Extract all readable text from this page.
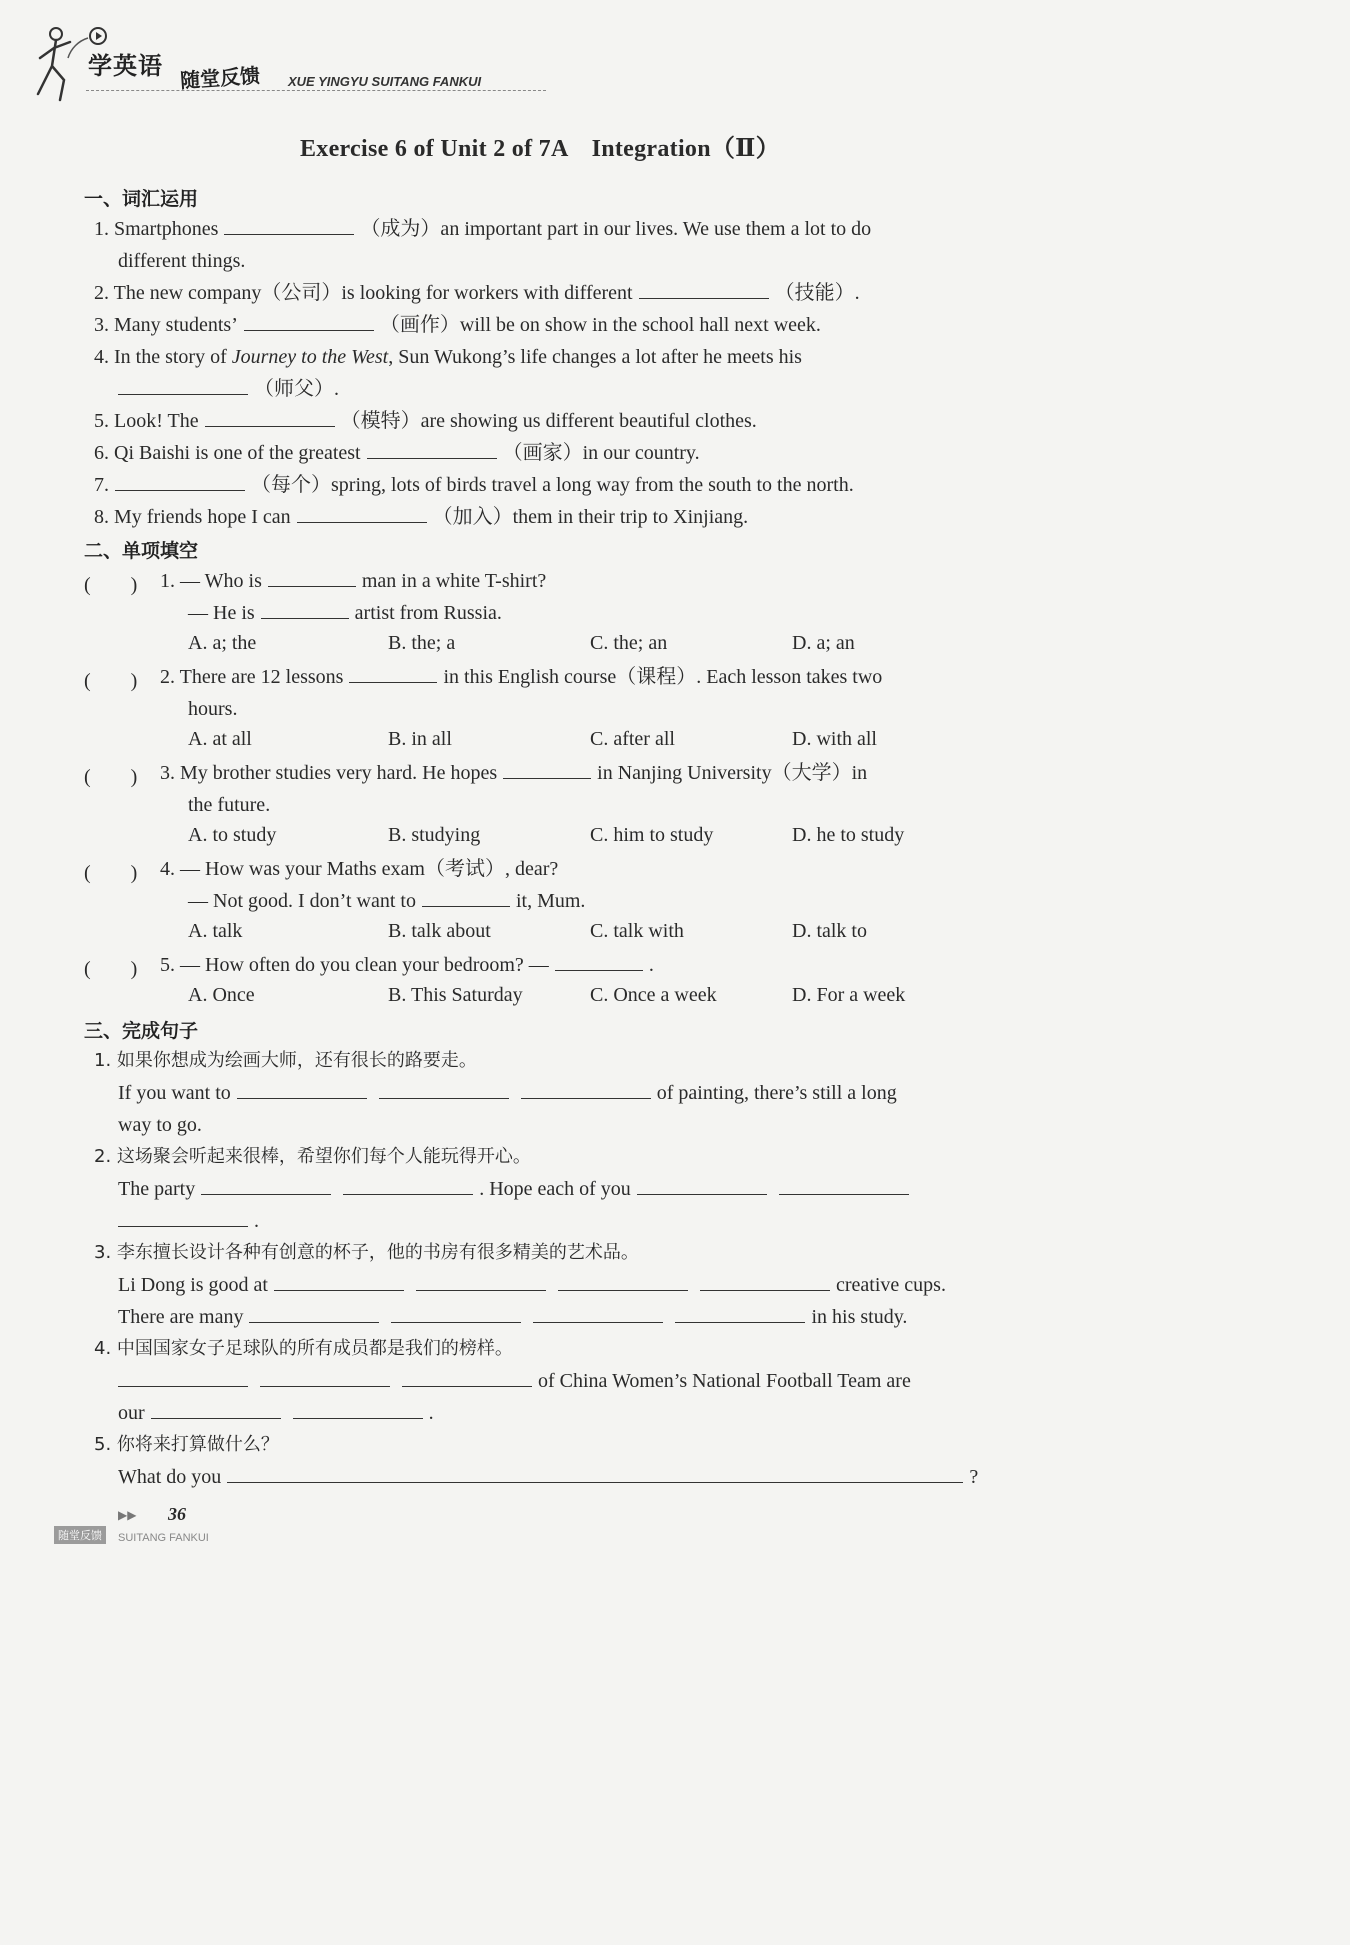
学英语 随堂反馈 XUE YINGYU SUITANG FANKUI
Exercise 6 of Unit 2 of 7A　Integration（Ⅱ）
一、词汇运用
1. Smartphones	（成为）an important part in our lives. We use them a lot to do
different things.
2. The new company（公司）is looking for workers with different	（技能）.
3. Many students’	（画作）will be on show in the school hall next week.
4. In the story of Journey to the West, Sun Wukong’s life changes a lot after he meets his
（师父）.
5. Look! The	（模特）are showing us different beautiful clothes.
6. Qi Baishi is one of the greatest	（画家）in our country.
7.	（每个）spring, lots of birds travel a long way from the south to the north.
8. My friends hope I can	（加入）them in their trip to Xinjiang.
二、单项填空
(　　) 1. — Who is	man in a white T-shirt?
— He is	artist from Russia.
A. a; the	B. the; a	C. the; an	D. a; an
(　　) 2. There are 12 lessons	in this English course（课程）. Each lesson takes two
hours.
A. at all	B. in all	C. after all	D. with all
(　　) 3. My brother studies very hard. He hopes	in Nanjing University（大学）in
the future.
A. to study	B. studying	C. him to study	D. he to study
(　　) 4. — How was your Maths exam（考试）, dear?
— Not good. I don’t want to	it, Mum.
A. talk	B. talk about	C. talk with	D. talk to
(　　) 5. — How often do you clean your bedroom? —	.
A. Once	B. This Saturday	C. Once a week	D. For a week
三、完成句子
1. 如果你想成为绘画大师，还有很长的路要走。
If you want to	of painting, there’s still a long
way to go.
2. 这场聚会听起来很棒，希望你们每个人能玩得开心。
The party	. Hope each of you
.
3. 李东擅长设计各种有创意的杯子，他的书房有很多精美的艺术品。
Li Dong is good at	creative cups.
There are many	in his study.
4. 中国国家女子足球队的所有成员都是我们的榜样。
of China Women’s National Football Team are
our	.
5. 你将来打算做什么？
What do you	?
▶▶ 36
随堂反馈	SUITANG FANKUI
